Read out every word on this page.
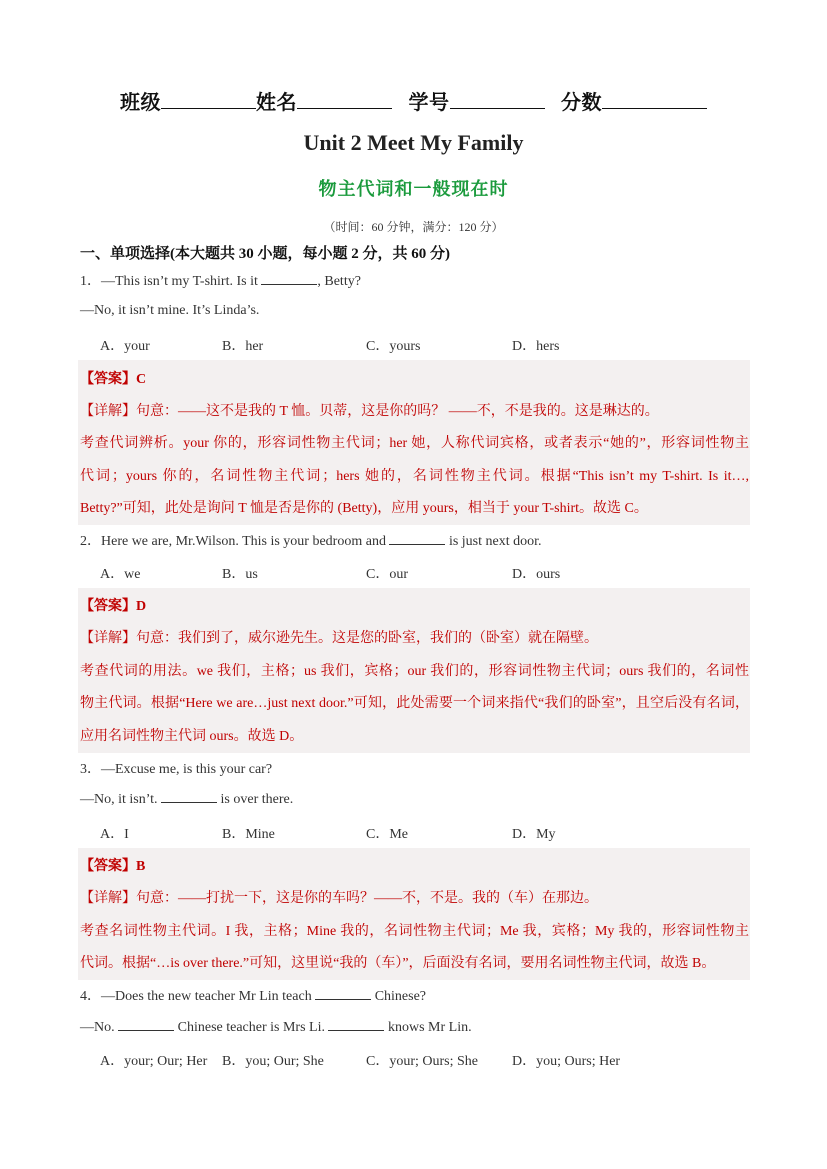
班级	姓名	学号	分数
Unit 2 Meet My Family
物主代词和一般现在时
（时间：60 分钟，满分：120 分）
一、单项选择(本大题共 30 小题，每小题 2 分，共 60 分)
1．—This isn’t my T-shirt. Is it	, Betty?
—No, it isn’t mine. It’s Linda’s.
A．your	B．her	C．yours	D．hers
【答案】C
【详解】句意：——这不是我的 T 恤。贝蒂，这是你的吗？ ——不，不是我的。这是琳达的。
考查代词辨析。your 你的，形容词性物主代词；her 她，人称代词宾格，或者表示“她的”，形容词性物主
代词；yours 你的，名词性物主代词；hers 她的，名词性物主代词。根据“This isn’t my T-shirt. Is it…,
Betty?”可知，此处是询问 T 恤是否是你的 (Betty)，应用 yours，相当于 your T-shirt。故选 C。
2．Here we are, Mr.Wilson. This is your bedroom and	is just next door.
A．we	B．us	C．our	D．ours
【答案】D
【详解】句意：我们到了，威尔逊先生。这是您的卧室，我们的（卧室）就在隔壁。
考查代词的用法。we 我们，主格；us 我们，宾格；our 我们的，形容词性物主代词；ours 我们的，名词性
物主代词。根据“Here we are…just next door.”可知，此处需要一个词来指代“我们的卧室”，且空后没有名词，
应用名词性物主代词 ours。故选 D。
3．—Excuse me, is this your car?
—No, it isn’t.	is over there.
A．I	B．Mine	C．Me	D．My
【答案】B
【详解】句意：——打扰一下，这是你的车吗？——不，不是。我的（车）在那边。
考查名词性物主代词。I 我，主格；Mine 我的，名词性物主代词；Me 我，宾格；My 我的，形容词性物主
代词。根据“…is over there.”可知，这里说“我的（车）”，后面没有名词，要用名词性物主代词，故选 B。
4．—Does the new teacher Mr Lin teach	Chinese?
—No.	Chinese teacher is Mrs Li.	knows Mr Lin.
A．your; Our; Her B．you; Our; She	C．your; Ours; She D．you; Ours; Her
